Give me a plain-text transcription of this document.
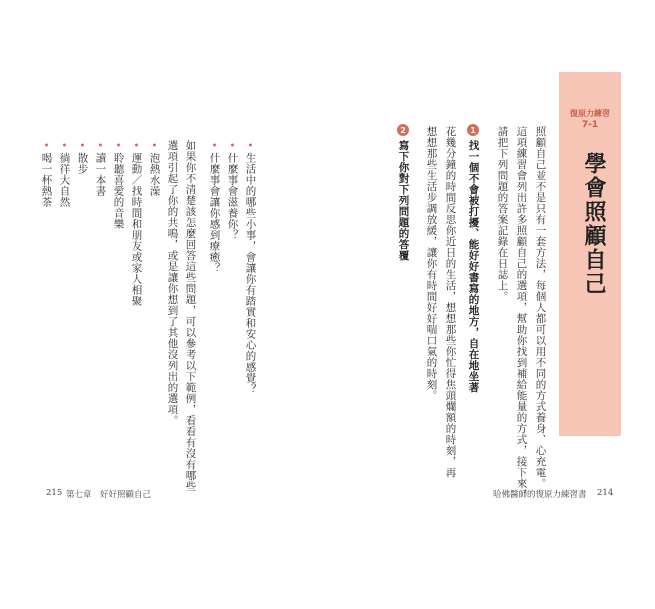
復原力練習
7-1
學會照顧自己
照顧自己並不是只有一套方法，每個人都可以用不同的方式養身、心充電。
這項練習會列出許多照顧自己的選項，幫助你找到補給能量的方式，接下來，
請把下列問題的答案記錄在日誌上。
1
找一個不會被打擾、能好好書寫的地方，自在地坐著
花幾分鐘的時間反思你近日的生活，想想那些你忙得焦頭爛額的時刻，再
想想那些生活步調放緩，讓你有時間好好喘口氣的時刻。
2
寫下你對下列問題的答覆
•生活中的哪些小事，會讓你有踏實和安心的感覺？
•什麼事會滋養你？
•什麼事會讓你感到療癒？
如果你不清楚該怎麼回答這些問題，可以參考以下範例，看看有沒有哪些
選項引起了你的共鳴，或是讓你想到了其他沒列出的選項。
•泡熱水澡
•運動／找時間和朋友或家人相聚
•聆聽喜愛的音樂
•讀一本書
•散步
•徜徉大自然
•喝一杯熱茶
215 第七章　好好照顧自己	哈佛醫師的復原力練習書 214
